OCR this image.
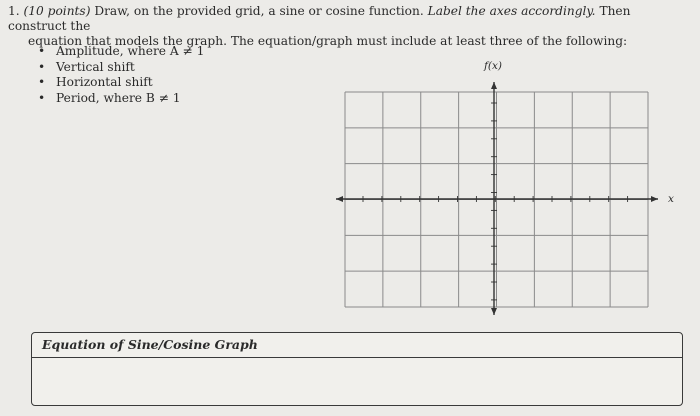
1. (10 points) Draw, on the provided grid, a sine or cosine function. Label the axes accordingly. Then construct the
equation that models the graph. The equation/graph must include at least three of the following:
• Amplitude, where A ≠ 1
• Vertical shift
• Horizontal shift
• Period, where B ≠ 1
f(x)
x
Equation of Sine/Cosine Graph
